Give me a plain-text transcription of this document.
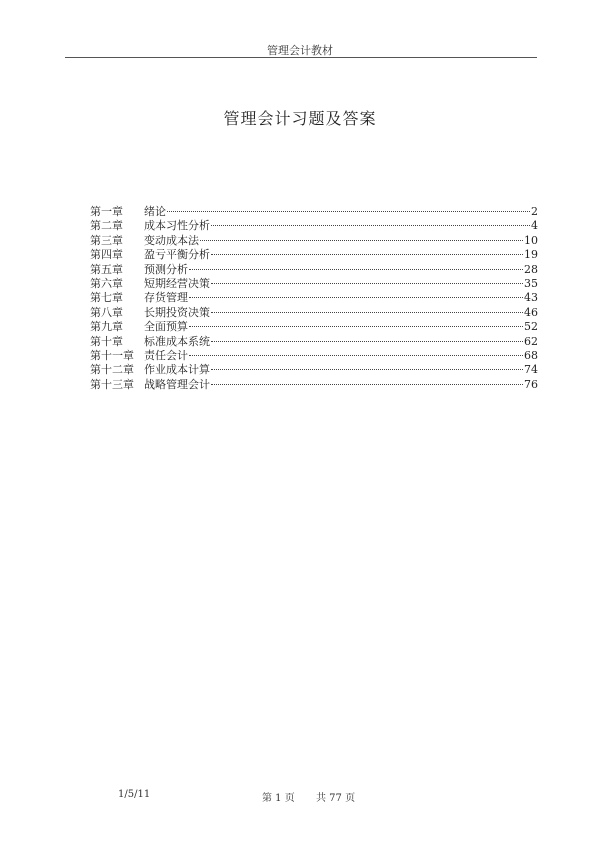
管理会计教材
管理会计习题及答案
第一章	绪论	2
第二章	成本习性分析	4
第三章	变动成本法	10
第四章	盈亏平衡分析	19
第五章	预测分析	28
第六章	短期经营决策	35
第七章	存货管理	43
第八章	长期投资决策	46
第九章	全面预算	52
第十章	标准成本系统	62
第十一章 责任会计	68
第十二章 作业成本计算	74
第十三章 战略管理会计	76
1/5/11	第 1 页 共 77 页
